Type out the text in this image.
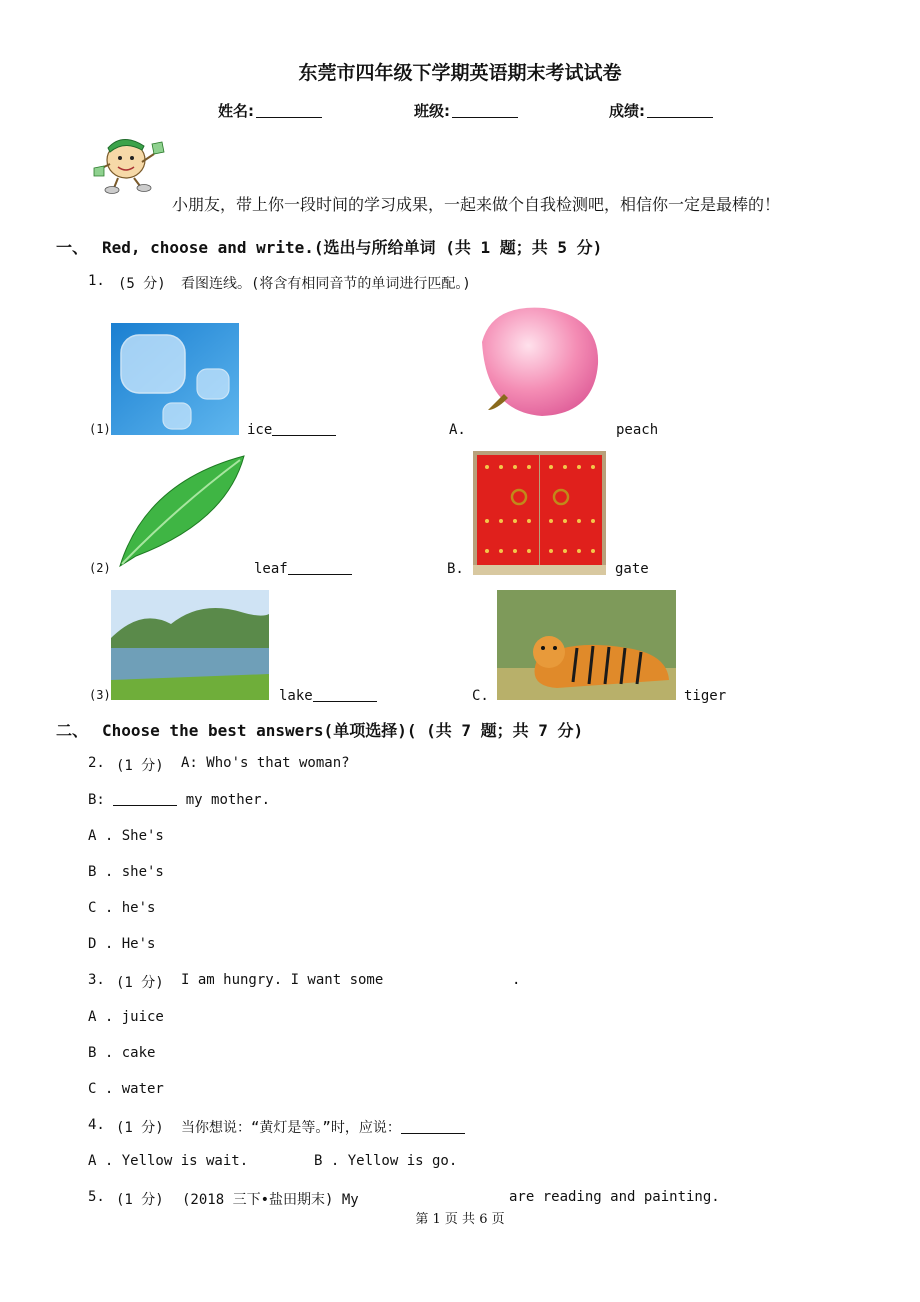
东莞市四年级下学期英语期末考试试卷
姓名:	班级:	成绩:
小朋友，带上你一段时间的学习成果，一起来做个自我检测吧，相信你一定是最棒的！
一、 Red, choose and write.(选出与所给单词 (共 1 题；共 5 分)
1. (5 分) 看图连线。(将含有相同音节的单词进行匹配。)
(1)	ice
(2)	leaf
(3)	lake
A.	peach
B.	gate
C.	tiger
二、 Choose the best answers(单项选择)( (共 7 题；共 7 分)
2. (1 分) A: Who's that woman?
B:	my mother.
A . She's
B . she's
C . he's
D . He's
3. (1 分) I am hungry. I want some	.
A . juice
B . cake
C . water
4. (1 分) 当你想说：“黄灯是等。”时，应说：
A . Yellow is wait.	B . Yellow is go.
5. (1 分) (2018 三下•盐田期末) My	are reading and painting.
第 1 页 共 6 页
